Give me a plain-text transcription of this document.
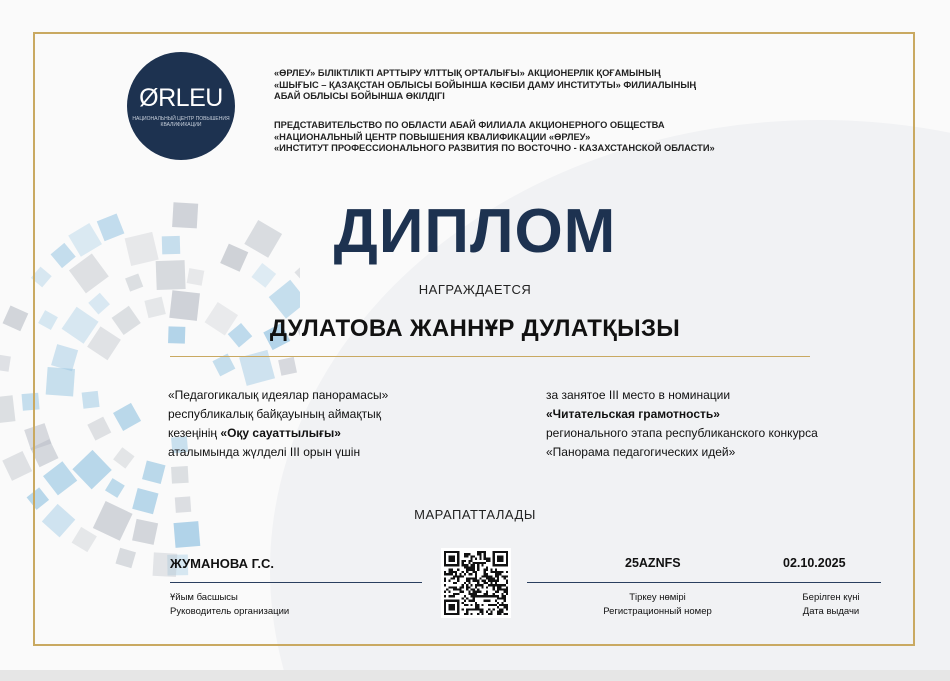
ØRLEU
НАЦИОНАЛЬНЫЙ ЦЕНТР ПОВЫШЕНИЯ КВАЛИФИКАЦИИ
«ӨРЛЕУ» БІЛІКТІЛІКТІ АРТТЫРУ ҰЛТТЫҚ ОРТАЛЫҒЫ» АКЦИОНЕРЛІК ҚОҒАМЫНЫҢ
«ШЫҒЫС – ҚАЗАҚСТАН ОБЛЫСЫ БОЙЫНША КӘСІБИ ДАМУ ИНСТИТУТЫ» ФИЛИАЛЫНЫҢ
АБАЙ ОБЛЫСЫ БОЙЫНША ӨКІЛДІГІ
ПРЕДСТАВИТЕЛЬСТВО ПО ОБЛАСТИ АБАЙ ФИЛИАЛА АКЦИОНЕРНОГО ОБЩЕСТВА
«НАЦИОНАЛЬНЫЙ ЦЕНТР ПОВЫШЕНИЯ КВАЛИФИКАЦИИ «ӨРЛЕУ»
«ИНСТИТУТ ПРОФЕССИОНАЛЬНОГО РАЗВИТИЯ ПО ВОСТОЧНО - КАЗАХСТАНСКОЙ ОБЛАСТИ»
ДИПЛОМ
НАГРАЖДАЕТСЯ
ДУЛАТОВА ЖАННҰР ДУЛАТҚЫЗЫ
«Педагогикалық идеялар панорамасы»
республикалық байқауының аймақтық
кезеңінің «Оқу сауаттылығы»
аталымында жүлделі III орын үшін
за занятое III место в номинации
«Читательская грамотность»
регионального этапа республиканского конкурса
«Панорама педагогических идей»
МАРАПАТТАЛАДЫ
ЖУМАНОВА Г.С.
Ұйым басшысы
Руководитель организации
25AZNFS	02.10.2025
Тіркеу нөмірі
Регистрационный номер
Берілген күні
Дата выдачи
